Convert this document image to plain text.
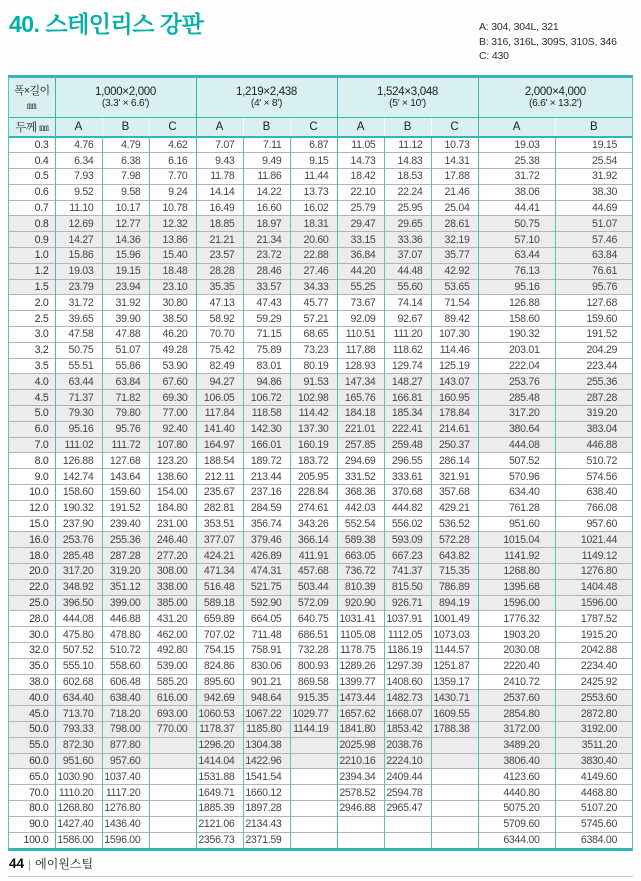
40. 스테인리스 강판	A: 304, 304L, 321
B: 316, 316L, 309S, 310S, 346
C: 430
폭×길이
㎜

1,000×2,000
(3.3' × 6.6')

1,219×2,438
(4' × 8')

1,524×3,048
(5' × 10')

2,000×4,000
(6.6' × 13.2')

두께 ㎜	A	B	C	A	B	C	A	B	C	A	B
0.3	4.76	4.79	4.62	7.07	7.11	6.87	11.05	11.12	10.73	19.03	19.15
0.4	6.34	6.38	6.16	9.43	9.49	9.15	14.73	14.83	14.31	25.38	25.54
0.5	7.93	7.98	7.70	11.78	11.86	11.44	18.42	18.53	17.88	31.72	31.92
0.6	9.52	9.58	9.24	14.14	14.22	13.73	22.10	22.24	21.46	38.06	38.30
0.7	11.10	10.17	10.78	16.49	16.60	16.02	25.79	25.95	25.04	44.41	44.69
0.8	12.69	12.77	12.32	18.85	18.97	18.31	29.47	29.65	28.61	50.75	51.07
0.9	14.27	14.36	13.86	21.21	21.34	20.60	33.15	33.36	32.19	57.10	57.46
1.0	15.86	15.96	15.40	23.57	23.72	22.88	36.84	37.07	35.77	63.44	63.84
1.2	19.03	19.15	18.48	28.28	28.46	27.46	44.20	44.48	42.92	76.13	76.61
1.5	23.79	23.94	23.10	35.35	33.57	34.33	55.25	55.60	53.65	95.16	95.76
2.0	31.72	31.92	30.80	47.13	47.43	45.77	73.67	74.14	71.54	126.88	127.68
2.5	39.65	39.90	38.50	58.92	59.29	57.21	92.09	92.67	89.42	158.60	159.60
3.0	47.58	47.88	46.20	70.70	71.15	68.65	110.51	111.20	107.30	190.32	191.52
3.2	50.75	51.07	49.28	75.42	75.89	73.23	117.88	118.62	114.46	203.01	204.29
3.5	55.51	55.86	53.90	82.49	83.01	80.19	128.93	129.74	125.19	222.04	223.44
4.0	63.44	63.84	67.60	94.27	94.86	91.53	147.34	148.27	143.07	253.76	255.36
4.5	71.37	71.82	69.30	106.05	106.72	102.98	165.76	166.81	160.95	285.48	287.28
5.0	79.30	79.80	77.00	117.84	118.58	114.42	184.18	185.34	178.84	317.20	319.20
6.0	95.16	95.76	92.40	141.40	142.30	137.30	221.01	222.41	214.61	380.64	383.04
7.0	111.02	111.72	107.80	164.97	166.01	160.19	257.85	259.48	250.37	444.08	446.88
8.0	126.88	127.68	123.20	188.54	189.72	183.72	294.69	296.55	286.14	507.52	510.72
9.0	142.74	143.64	138.60	212.11	213.44	205.95	331.52	333.61	321.91	570.96	574.56
10.0	158.60	159.60	154.00	235.67	237.16	228.84	368.36	370.68	357.68	634.40	638.40
12.0	190.32	191.52	184.80	282.81	284.59	274.61	442.03	444.82	429.21	761.28	766.08
15.0	237.90	239.40	231.00	353.51	356.74	343.26	552.54	556.02	536.52	951.60	957.60
16.0	253.76	255.36	246.40	377.07	379.46	366.14	589.38	593.09	572.28	1015.04	1021.44
18.0	285.48	287.28	277.20	424.21	426.89	411.91	663.05	667.23	643.82	1141.92	1149.12
20.0	317.20	319.20	308.00	471.34	474.31	457.68	736.72	741.37	715.35	1268.80	1276.80
22.0	348.92	351.12	338.00	516.48	521.75	503.44	810.39	815.50	786.89	1395.68	1404.48
25.0	396.50	399.00	385.00	589.18	592.90	572.09	920.90	926.71	894.19	1596.00	1596.00
28.0	444.08	446.88	431.20	659.89	664.05	640.75	1031.41	1037.91	1001.49	1776.32	1787.52
30.0	475.80	478.80	462.00	707.02	711.48	686.51	1105.08	1112.05	1073.03	1903.20	1915.20
32.0	507.52	510.72	492.80	754.15	758.91	732.28	1178.75	1186.19	1144.57	2030.08	2042.88
35.0	555.10	558.60	539.00	824.86	830.06	800.93	1289.26	1297.39	1251.87	2220.40	2234.40
38.0	602.68	606.48	585.20	895.60	901.21	869.58	1399.77	1408.60	1359.17	2410.72	2425.92
40.0	634.40	638.40	616.00	942.69	948.64	915.35	1473.44	1482.73	1430.71	2537.60	2553.60
45.0	713.70	718.20	693.00	1060.53	1067.22	1029.77	1657.62	1668.07	1609.55	2854.80	2872.80
50.0	793.33	798.00	770.00	1178.37	1185.80	1144.19	1841.80	1853.42	1788.38	3172.00	3192.00
55.0	872.30	877.80		1296.20	1304.38		2025.98	2038.76		3489.20	3511.20
60.0	951.60	957.60		1414.04	1422.96		2210.16	2224.10		3806.40	3830.40
65.0	1030.90	1037.40		1531.88	1541.54		2394.34	2409.44		4123.60	4149.60
70.0	1110.20	1117.20		1649.71	1660.12		2578.52	2594.78		4440.80	4468.80
80.0	1268.80	1276.80		1885.39	1897.28		2946.88	2965.47		5075.20	5107.20
90.0	1427.40	1436.40		2121.06	2134.43					5709.60	5745.60
100.0	1586.00	1596.00		2356.73	2371.59					6344.00	6384.00
44 | 에이원스틸
